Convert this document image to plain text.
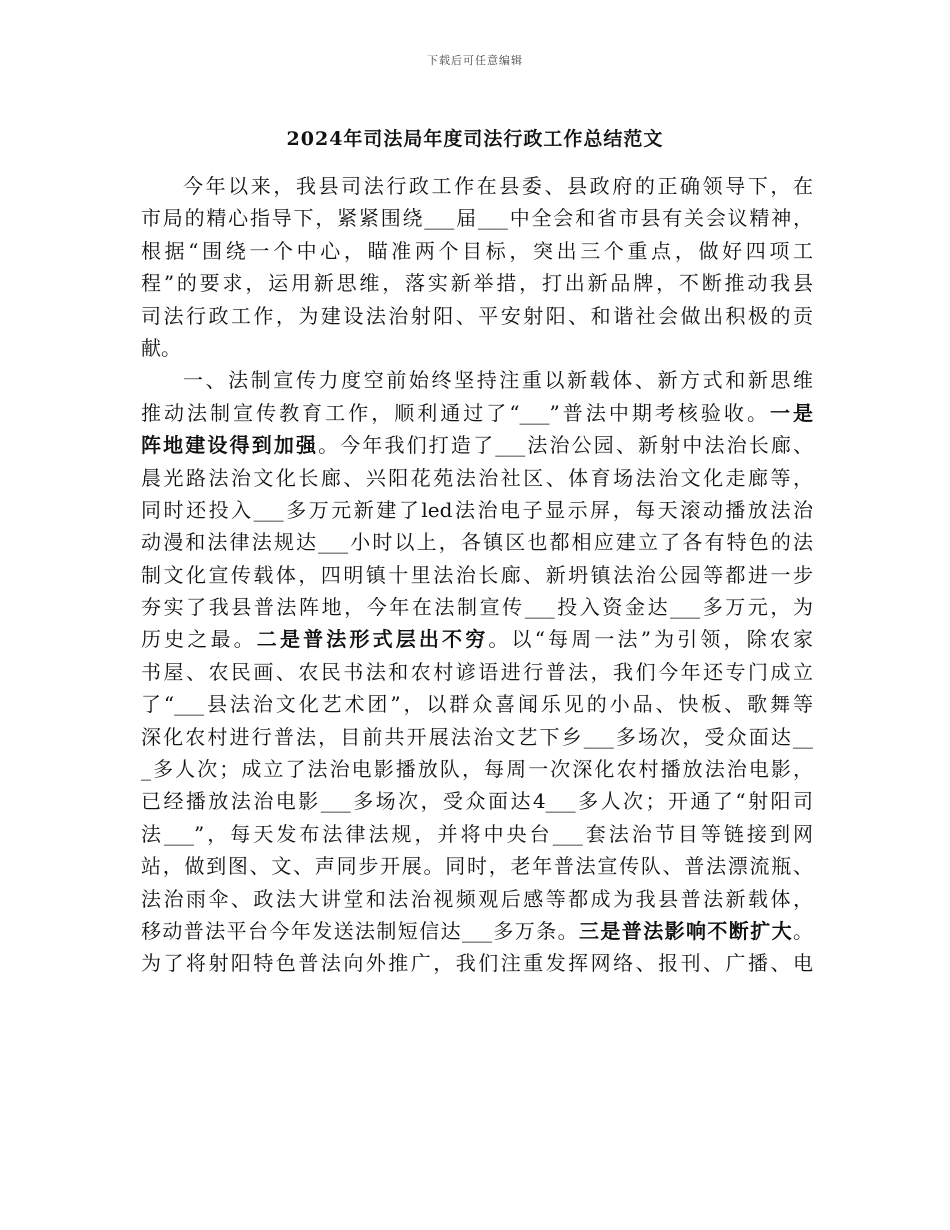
下载后可任意编辑
2024年司法局年度司法行政工作总结范文
今年以来，我县司法行政工作在县委、县政府的正确领导下，在
市局的精心指导下，紧紧围绕___届___中全会和省市县有关会议精神，
根据“围绕一个中心，瞄准两个目标，突出三个重点，做好四项工
程”的要求，运用新思维，落实新举措，打出新品牌，不断推动我县
司法行政工作，为建设法治射阳、平安射阳、和谐社会做出积极的贡
献。
一、法制宣传力度空前始终坚持注重以新载体、新方式和新思维
推动法制宣传教育工作，顺利通过了“___”普法中期考核验收。一是
阵地建设得到加强。今年我们打造了___法治公园、新射中法治长廊、
晨光路法治文化长廊、兴阳花苑法治社区、体育场法治文化走廊等，
同时还投入___多万元新建了led法治电子显示屏，每天滚动播放法治
动漫和法律法规达___小时以上，各镇区也都相应建立了各有特色的法
制文化宣传载体，四明镇十里法治长廊、新坍镇法治公园等都进一步
夯实了我县普法阵地，今年在法制宣传___投入资金达___多万元，为
历史之最。二是普法形式层出不穷。以“每周一法”为引领，除农家
书屋、农民画、农民书法和农村谚语进行普法，我们今年还专门成立
了“___县法治文化艺术团”，以群众喜闻乐见的小品、快板、歌舞等
深化农村进行普法，目前共开展法治文艺下乡___多场次，受众面达__
_多人次；成立了法治电影播放队，每周一次深化农村播放法治电影，
已经播放法治电影___多场次，受众面达4___多人次；开通了“射阳司
法___”，每天发布法律法规，并将中央台___套法治节目等链接到网
站，做到图、文、声同步开展。同时，老年普法宣传队、普法漂流瓶、
法治雨伞、政法大讲堂和法治视频观后感等都成为我县普法新载体，
移动普法平台今年发送法制短信达___多万条。三是普法影响不断扩大。
为了将射阳特色普法向外推广，我们注重发挥网络、报刊、广播、电
